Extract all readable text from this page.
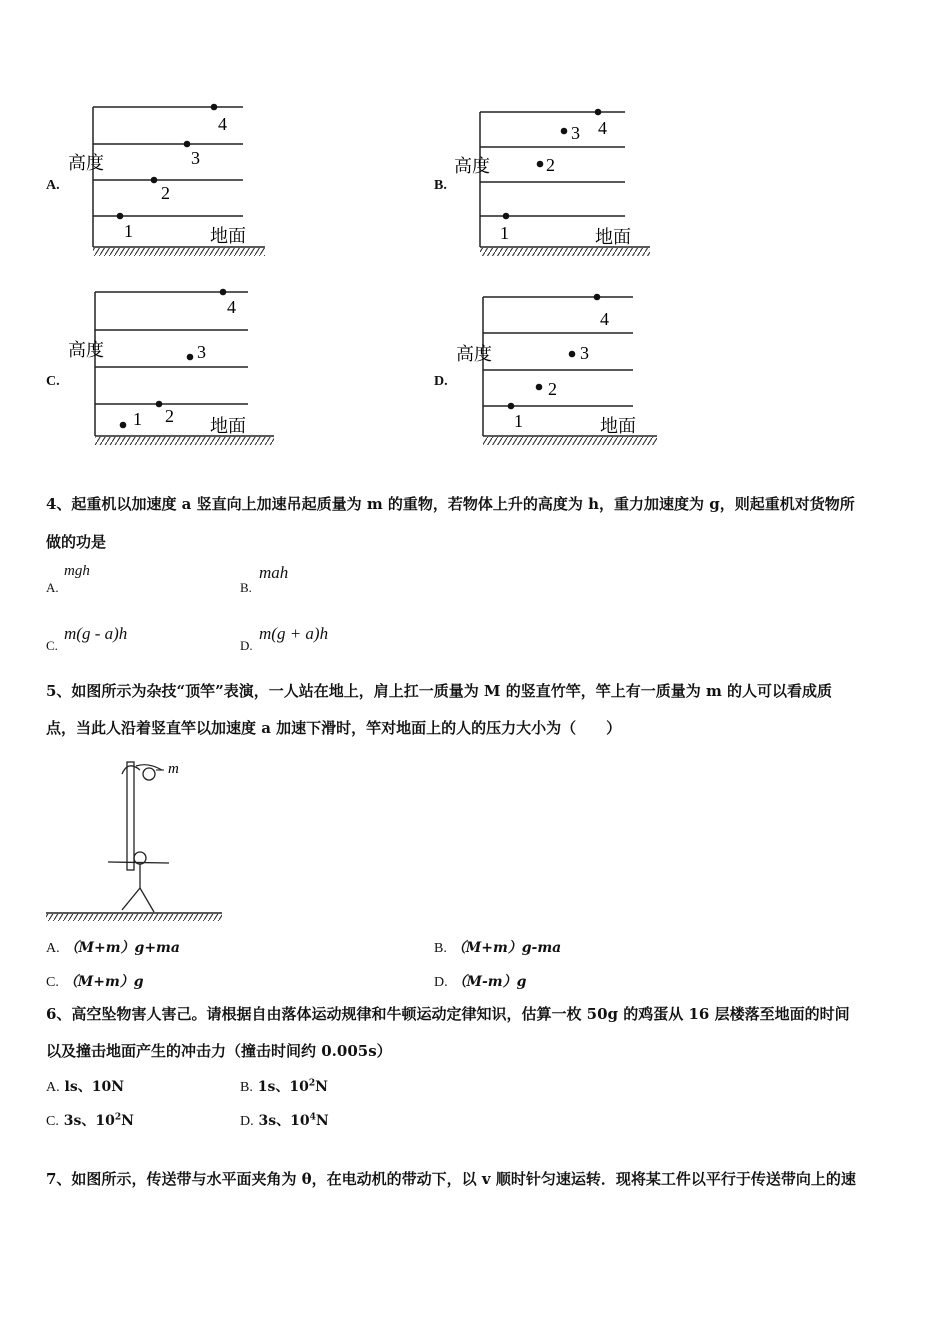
A.
高度
地面
1
2
3
4
B.
高度
地面
1
2
3 4
C.
高度
地面
1 2
3
4
D.
高度
地面
1
2
3
4
4、起重机以加速度 a 竖直向上加速吊起质量为 m 的重物，若物体上升的高度为 h，重力加速度为 g，则起重机对货物所
做的功是
A.
mgh
B.
mah
C.
m(g - a)h
D.
m(g + a)h
5、如图所示为杂技“顶竿”表演，一人站在地上，肩上扛一质量为 M 的竖直竹竿，竿上有一质量为 m 的人可以看成质
点，当此人沿着竖直竿以加速度 a 加速下滑时，竿对地面上的人的压力大小为（　　）
m
A. （M+m）g+ma	B. （M+m）g-ma
C. （M+m）g	D. （M-m）g
6、高空坠物害人害己。请根据自由落体运动规律和牛顿运动定律知识，估算一枚 50g 的鸡蛋从 16 层楼落至地面的时间
以及撞击地面产生的冲击力（撞击时间约 0.005s）
A. ls、10N	B. 1s、$10^2N$
C. 3s、$10^2N$	D. 3s、$10^4N$
7、如图所示，传送带与水平面夹角为 θ，在电动机的带动下，以 v 顺时针匀速运转．现将某工件以平行于传送带向上的速
